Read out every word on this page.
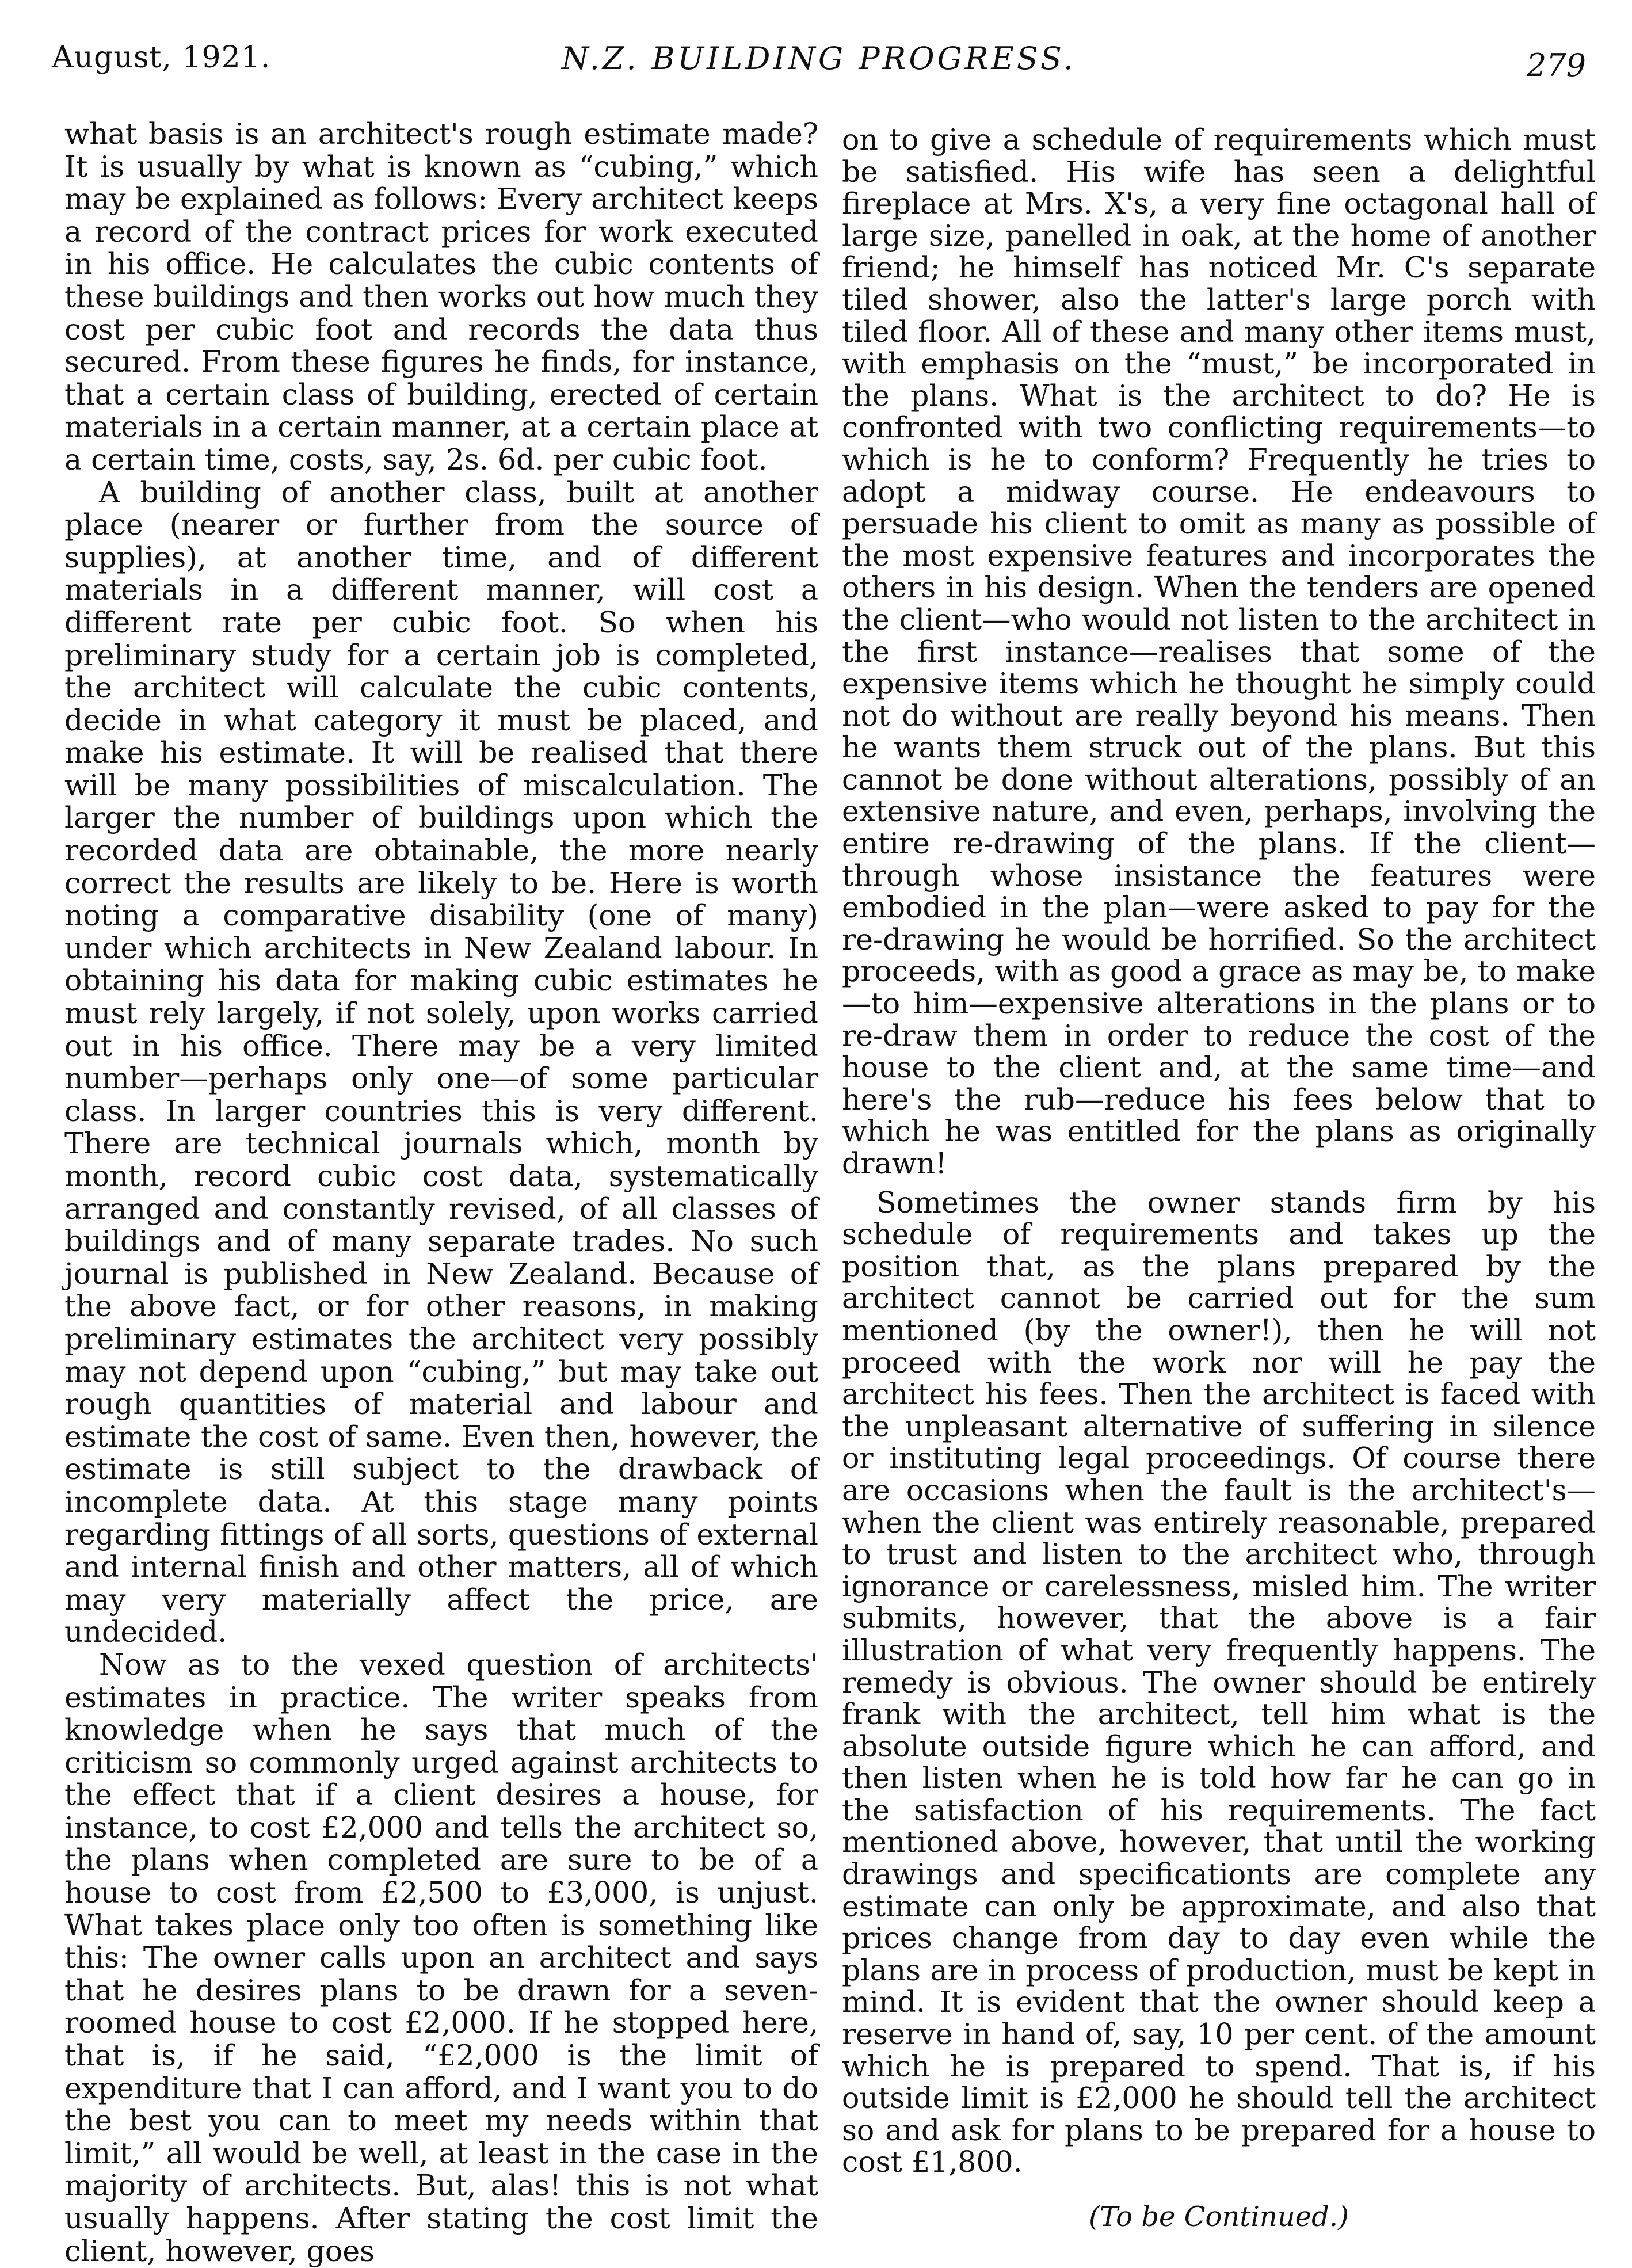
August, 1921.	N.Z. BUILDING PROGRESS.	279

what basis is an architect's rough estimate made? It is usually by what is known as “cubing,” which may be explained as follows: Every architect keeps a record of the contract prices for work executed in his office. He calculates the cubic contents of these buildings and then works out how much they cost per cubic foot and records the data thus secured. From these figures he finds, for instance, that a certain class of building, erected of certain materials in a certain manner, at a certain place at a certain time, costs, say, 2s. 6d. per cubic foot.

A building of another class, built at another place (nearer or further from the source of supplies), at another time, and of different materials in a different manner, will cost a different rate per cubic foot. So when his preliminary study for a certain job is completed, the architect will calculate the cubic contents, decide in what category it must be placed, and make his estimate. It will be realised that there will be many possibilities of miscalculation. The larger the number of buildings upon which the recorded data are obtainable, the more nearly correct the results are likely to be. Here is worth noting a comparative disability (one of many) under which architects in New Zealand labour. In obtaining his data for making cubic estimates he must rely largely, if not solely, upon works carried out in his office. There may be a very limited number—perhaps only one—of some particular class. In larger countries this is very different. There are technical journals which, month by month, record cubic cost data, systematically arranged and constantly revised, of all classes of buildings and of many separate trades. No such journal is published in New Zealand. Because of the above fact, or for other reasons, in making preliminary estimates the architect very possibly may not depend upon “cubing,” but may take out rough quantities of material and labour and estimate the cost of same. Even then, however, the estimate is still subject to the drawback of incomplete data. At this stage many points regarding fittings of all sorts, questions of external and internal finish and other matters, all of which may very materially affect the price, are undecided.

Now as to the vexed question of architects' estimates in practice. The writer speaks from knowledge when he says that much of the criticism so commonly urged against architects to the effect that if a client desires a house, for instance, to cost £2,000 and tells the architect so, the plans when completed are sure to be of a house to cost from £2,500 to £3,000, is unjust. What takes place only too often is something like this: The owner calls upon an architect and says that he desires plans to be drawn for a seven-roomed house to cost £2,000. If he stopped here, that is, if he said, “£2,000 is the limit of expenditure that I can afford, and I want you to do the best you can to meet my needs within that limit,” all would be well, at least in the case in the majority of architects. But, alas! this is not what usually happens. After stating the cost limit the client, however, goes

on to give a schedule of requirements which must be satisfied. His wife has seen a delightful fireplace at Mrs. X's, a very fine octagonal hall of large size, panelled in oak, at the home of another friend; he himself has noticed Mr. C's separate tiled shower, also the latter's large porch with tiled floor. All of these and many other items must, with emphasis on the “must,” be incorporated in the plans. What is the architect to do? He is confronted with two conflicting requirements—to which is he to conform? Frequently he tries to adopt a midway course. He endeavours to persuade his client to omit as many as possible of the most expensive features and incorporates the others in his design. When the tenders are opened the client—who would not listen to the architect in the first instance—realises that some of the expensive items which he thought he simply could not do without are really beyond his means. Then he wants them struck out of the plans. But this cannot be done without alterations, possibly of an extensive nature, and even, perhaps, involving the entire re-drawing of the plans. If the client—through whose insistance the features were embodied in the plan—were asked to pay for the re-drawing he would be horrified. So the architect proceeds, with as good a grace as may be, to make—to him—expensive alterations in the plans or to re-draw them in order to reduce the cost of the house to the client and, at the same time—and here's the rub—reduce his fees below that to which he was entitled for the plans as originally drawn!

Sometimes the owner stands firm by his schedule of requirements and takes up the position that, as the plans prepared by the architect cannot be carried out for the sum mentioned (by the owner!), then he will not proceed with the work nor will he pay the architect his fees. Then the architect is faced with the unpleasant alternative of suffering in silence or instituting legal proceedings. Of course there are occasions when the fault is the architect's—when the client was entirely reasonable, prepared to trust and listen to the architect who, through ignorance or carelessness, misled him. The writer submits, however, that the above is a fair illustration of what very frequently happens. The remedy is obvious. The owner should be entirely frank with the architect, tell him what is the absolute outside figure which he can afford, and then listen when he is told how far he can go in the satisfaction of his requirements. The fact mentioned above, however, that until the working drawings and specificationts are complete any estimate can only be approximate, and also that prices change from day to day even while the plans are in process of production, must be kept in mind. It is evident that the owner should keep a reserve in hand of, say, 10 per cent. of the amount which he is prepared to spend. That is, if his outside limit is £2,000 he should tell the architect so and ask for plans to be prepared for a house to cost £1,800.

(To be Continued.)
